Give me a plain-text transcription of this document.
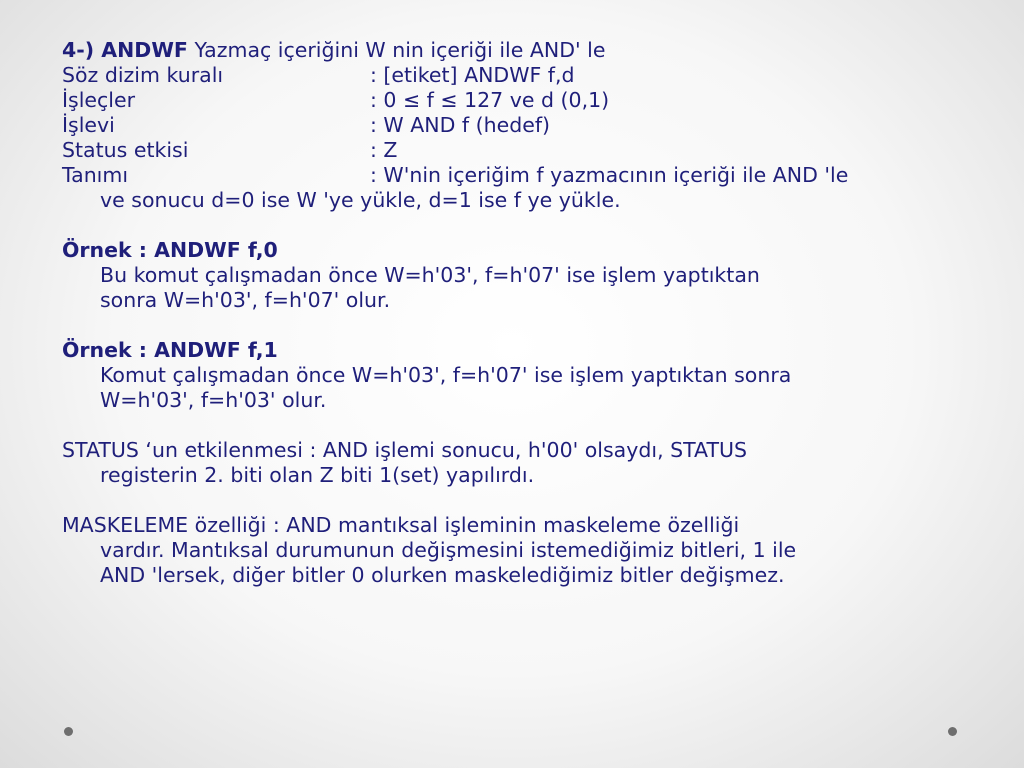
4-) ANDWF Yazmaç içeriğini W nin içeriği ile AND' le
Söz dizim kuralı	: [etiket] ANDWF f,d
İşleçler	: 0 ≤ f ≤ 127 ve d (0,1)
İşlevi	: W AND f (hedef)
Status etkisi	: Z
Tanımı	: W'nin içeriğim f yazmacının içeriği ile AND 'le
ve sonucu d=0 ise W 'ye yükle, d=1 ise f ye yükle.
Örnek : ANDWF f,0
Bu komut çalışmadan önce W=h'03', f=h'07' ise işlem yaptıktan
sonra W=h'03', f=h'07' olur.
Örnek : ANDWF f,1
Komut çalışmadan önce W=h'03', f=h'07' ise işlem yaptıktan sonra
W=h'03', f=h'03' olur.
STATUS ‘un etkilenmesi : AND işlemi sonucu, h'00' olsaydı, STATUS
registerin 2. biti olan Z biti 1(set) yapılırdı.
MASKELEME özelliği : AND mantıksal işleminin maskeleme özelliği
vardır. Mantıksal durumunun değişmesini istemediğimiz bitleri, 1 ile
AND 'lersek, diğer bitler 0 olurken maskelediğimiz bitler değişmez.
